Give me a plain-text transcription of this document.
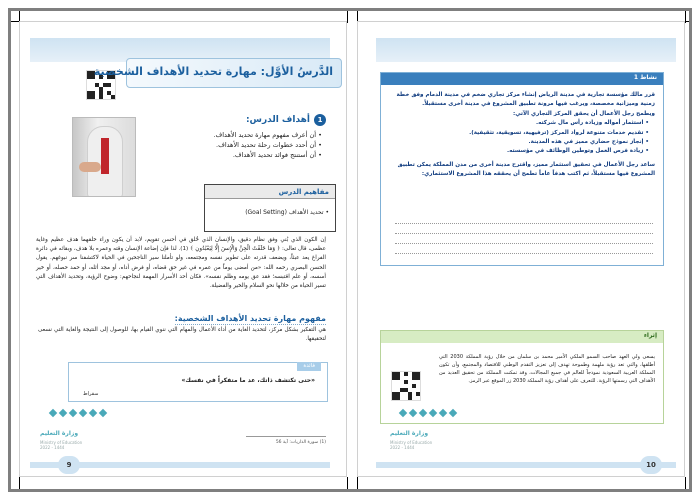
الدَّرسُ الأوَّل: مهارة تحديد الأهداف الشخصية
1
أهداف الدرس:
• أن أعرف مفهوم مهارة تحديد الأهداف.
• أن أحدد خطوات رحلة تحديد الأهداف.
• أن أستنتج فوائد تحديد الأهداف.
مفاهيم الدرس
• تحديد الأهداف (Goal Setting)
إن الكون الذي بُني وفق نظام دقيق، والإنسان الذي خُلق في أحسن تقويم، لابد أن يكون وراء خلقهما هدف عظيم وغاية عظمى، قال تعالى: ﴿ وَمَا خَلَقْتُ الْجِنَّ وَالْإِنسَ إِلَّا لِيَعْبُدُونِ ﴾ (1). لذا فإن إضاعة الإنسان وقته وعمره بلا هدف، وبقائه في دائرة الفراغ يعد عبثاً، ويضعف قدرته على تطوير نفسه ومجتمعه، ولو تأملنا سير الناجحين في الحياة لاكتشفنا سر نبوغهم. يقول الحسن البصري رحمه الله: «من أمضى يوماً من عمره في غير حق قضاه، أو فرض أداه، أو مجد أثله، أو حمد حصله، أو خير أسسه، أو علم اقتبسه؛ فقد عق يومه وظلم نفسه». فكان أحد الأسرار المهمة لنجاحهم: وضوح الرؤية، وتحديد الأهداف التي تسير الحياة من خلالها نحو السلام والخير والفضيلة.
مفهوم مهارة تحديد الأهداف الشخصية:
هي التفكير بشكل مركز، لتحديد الغاية من أداء الأعمال والمهام التي ننوي القيام بها، للوصول إلى النتيجة والغاية التي نسعى لتحقيقها.
فائدة
«حتى تكتشف ذاتك، عد ما متفكراً في نفسك»
سقراط
وزارة التعليم
Ministry of Education
2022 - 1444
(1) سورة الذاريات: آية 56
9
نشاط 1
قرر مالك مؤسسة تجارية في مدينة الرياض إنشاء مركز تجاري ضخم في مدينة الدمام وفق خطة زمنية وميزانية مخصصة، ويرغب فيها مرونة تطبيق المشروع في مدينة أخرى مستقبلاً.
ويطمح رجل الأعمال أن يحقق المركز التجاري الآتي:
• استثمار أمواله وزيادة رأس مال شركته.
• تقديم خدمات متنوعة لرواد المركز (ترفيهية، تسويقية، تثقيفية).
• إنجاز نموذج حضاري مميز في هذه المدينة.
• زيادة فرص العمل وتوطين الوظائف في مؤسسته.
ساعد رجل الأعمال في تحقيق استثمار مميز، واقترح مدينة أخرى من مدن المملكة يمكن تطبيق المشروع فيها مستقبلاً، ثم اكتب هدفاً عاماً تطمح أن يحققه هذا المشروع الاستثماري:
إثراء
يسعى ولي العهد صاحب السمو الملكي الأمير محمد بن سلمان من خلال رؤية المملكة 2030 التي أطلقها، والتي تعد رؤية ملهمة وطموحة تهدف إلى تعزيز التقدم الوطني للاقتصاد والمجتمع، وأن تكون المملكة العربية السعودية نموذجاً للعالم في جميع المجالات، وقد تمكنت المملكة من تحقيق العديد من الأهداف التي رسمتها الرؤية. للتعرف على أهداف رؤية المملكة 2030 زر الموقع عبر الرمز.
وزارة التعليم
Ministry of Education
2022 - 1444
10
